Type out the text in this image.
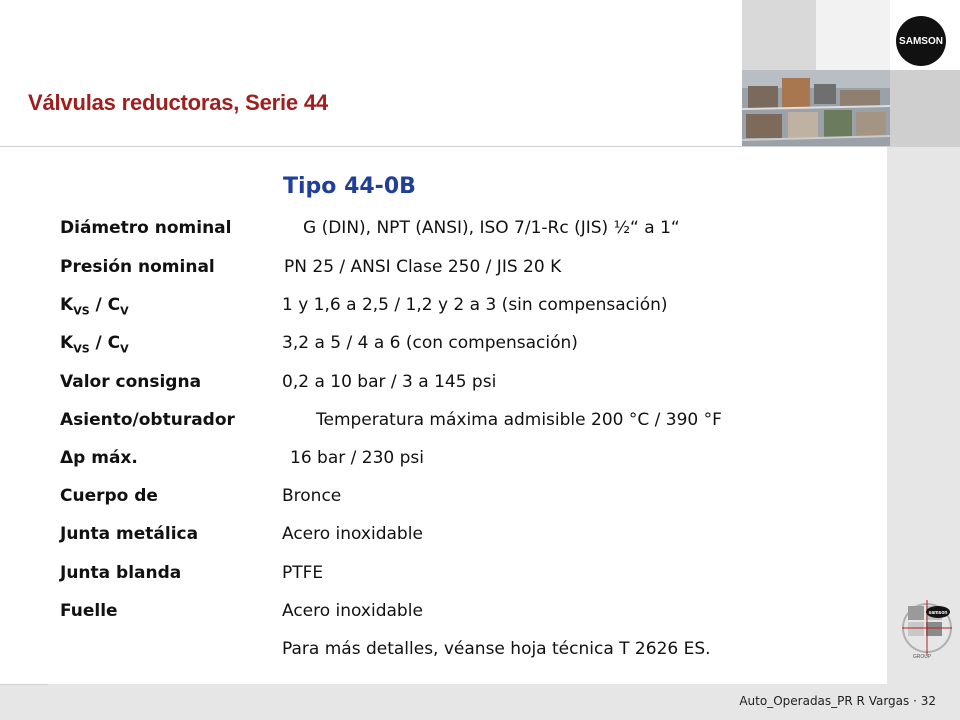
SAMSON
Válvulas reductoras, Serie 44
Tipo 44-0B
Diámetro nominal	G (DIN), NPT (ANSI), ISO 7/1-Rc (JIS) ½“ a 1“
Presión nominal	PN 25 / ANSI Clase 250 / JIS 20 K
$K_{VS} / C_V$	1 y 1,6 a 2,5 / 1,2 y 2 a 3 (sin compensación)
$K_{VS} / C_V$	3,2 a 5 / 4 a 6 (con compensación)
Valor consigna	0,2 a 10 bar / 3 a 145 psi
Asiento/obturador	Temperatura máxima admisible 200 °C / 390 °F
Δp máx.	16 bar / 230 psi
Cuerpo de	Bronce
Junta metálica	Acero inoxidable
Junta blanda	PTFE
Fuelle	Acero inoxidable
Para más detalles, véanse hoja técnica T 2626 ES.
samson
GROUP
Auto_Operadas_PR R Vargas · 32
